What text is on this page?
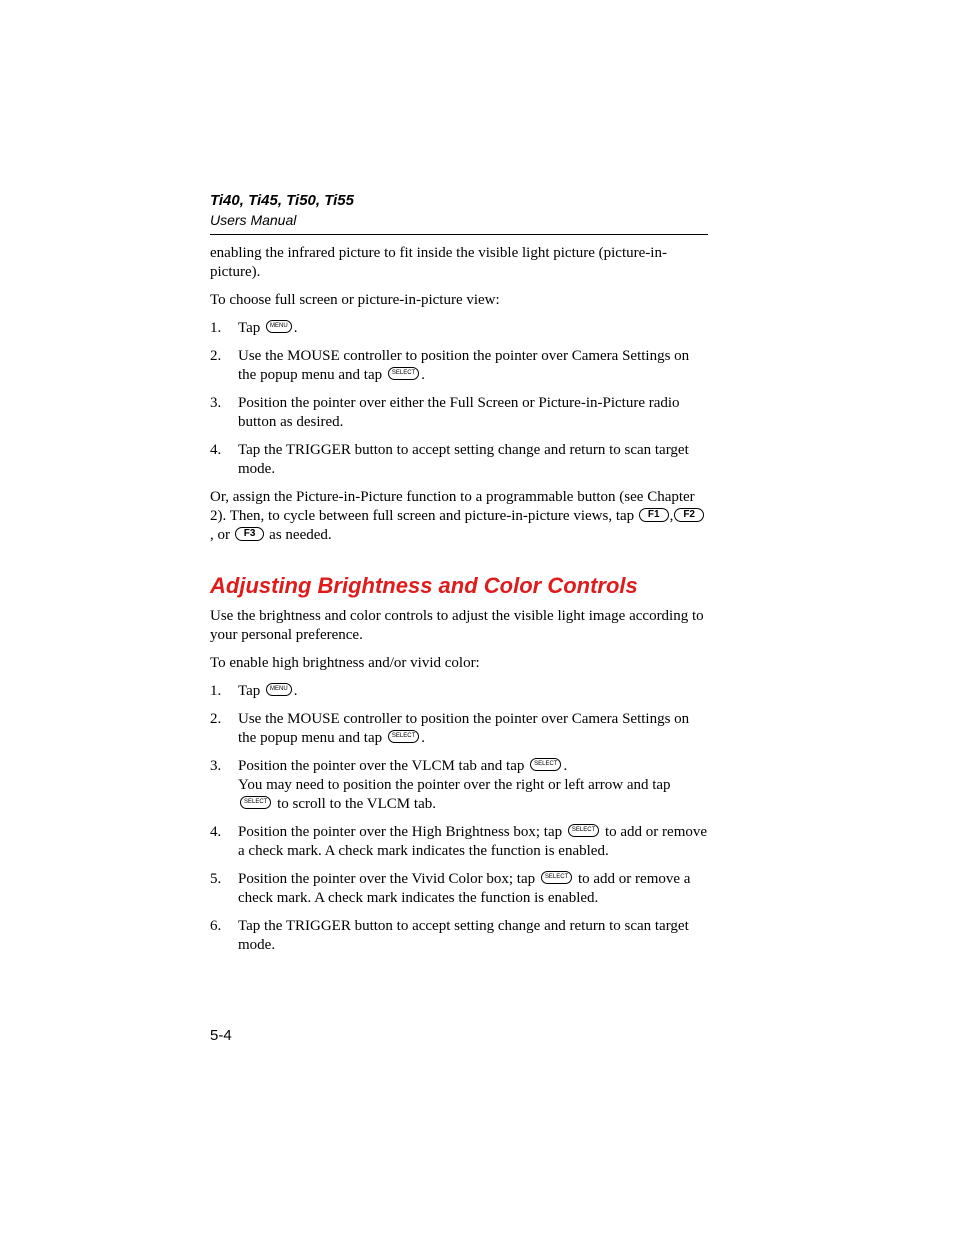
Ti40, Ti45, Ti50, Ti55
Users Manual

enabling the infrared picture to fit inside the visible light picture (picture-in-picture).

To choose full screen or picture-in-picture view:

1. Tap MENU .
2. Use the MOUSE controller to position the pointer over Camera Settings on the popup menu and tap SELECT .
3. Position the pointer over either the Full Screen or Picture-in-Picture radio button as desired.
4. Tap the TRIGGER button to accept setting change and return to scan target mode.

Or, assign the Picture-in-Picture function to a programmable button (see Chapter 2). Then, to cycle between full screen and picture-in-picture views, tap F1 , F2, or F3 as needed.

Adjusting Brightness and Color Controls

Use the brightness and color controls to adjust the visible light image according to your personal preference.

To enable high brightness and/or vivid color:

1. Tap MENU .
2. Use the MOUSE controller to position the pointer over Camera Settings on the popup menu and tap SELECT .
3. Position the pointer over the VLCM tab and tap SELECT .
You may need to position the pointer over the right or left arrow and tap SELECT to scroll to the VLCM tab.
4. Position the pointer over the High Brightness box; tap SELECT to add or remove a check mark. A check mark indicates the function is enabled.
5. Position the pointer over the Vivid Color box; tap SELECT to add or remove a check mark. A check mark indicates the function is enabled.
6. Tap the TRIGGER button to accept setting change and return to scan target mode.
5-4
